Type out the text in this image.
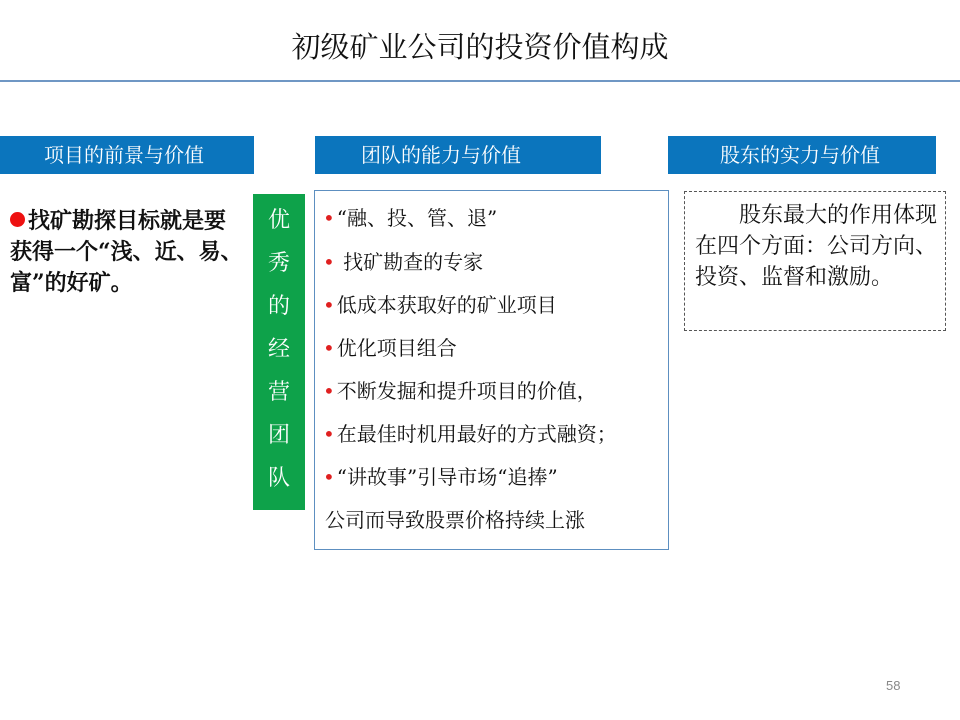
初级矿业公司的投资价值构成
项目的前景与价值	团队的能力与价值	股东的实力与价值
找矿勘探目标就是要获得一个“浅、近、易、富”的好矿。
优
秀
的
经
营
团
队
• “融、投、管、退”
• 找矿勘查的专家
• 低成本获取好的矿业项目
• 优化项目组合
• 不断发掘和提升项目的价值，
• 在最佳时机用最好的方式融资；
• “讲故事”引导市场“追捧”
公司而导致股票价格持续上涨
股东最大的作用体现在四个方面：公司方向、投资、监督和激励。
58
